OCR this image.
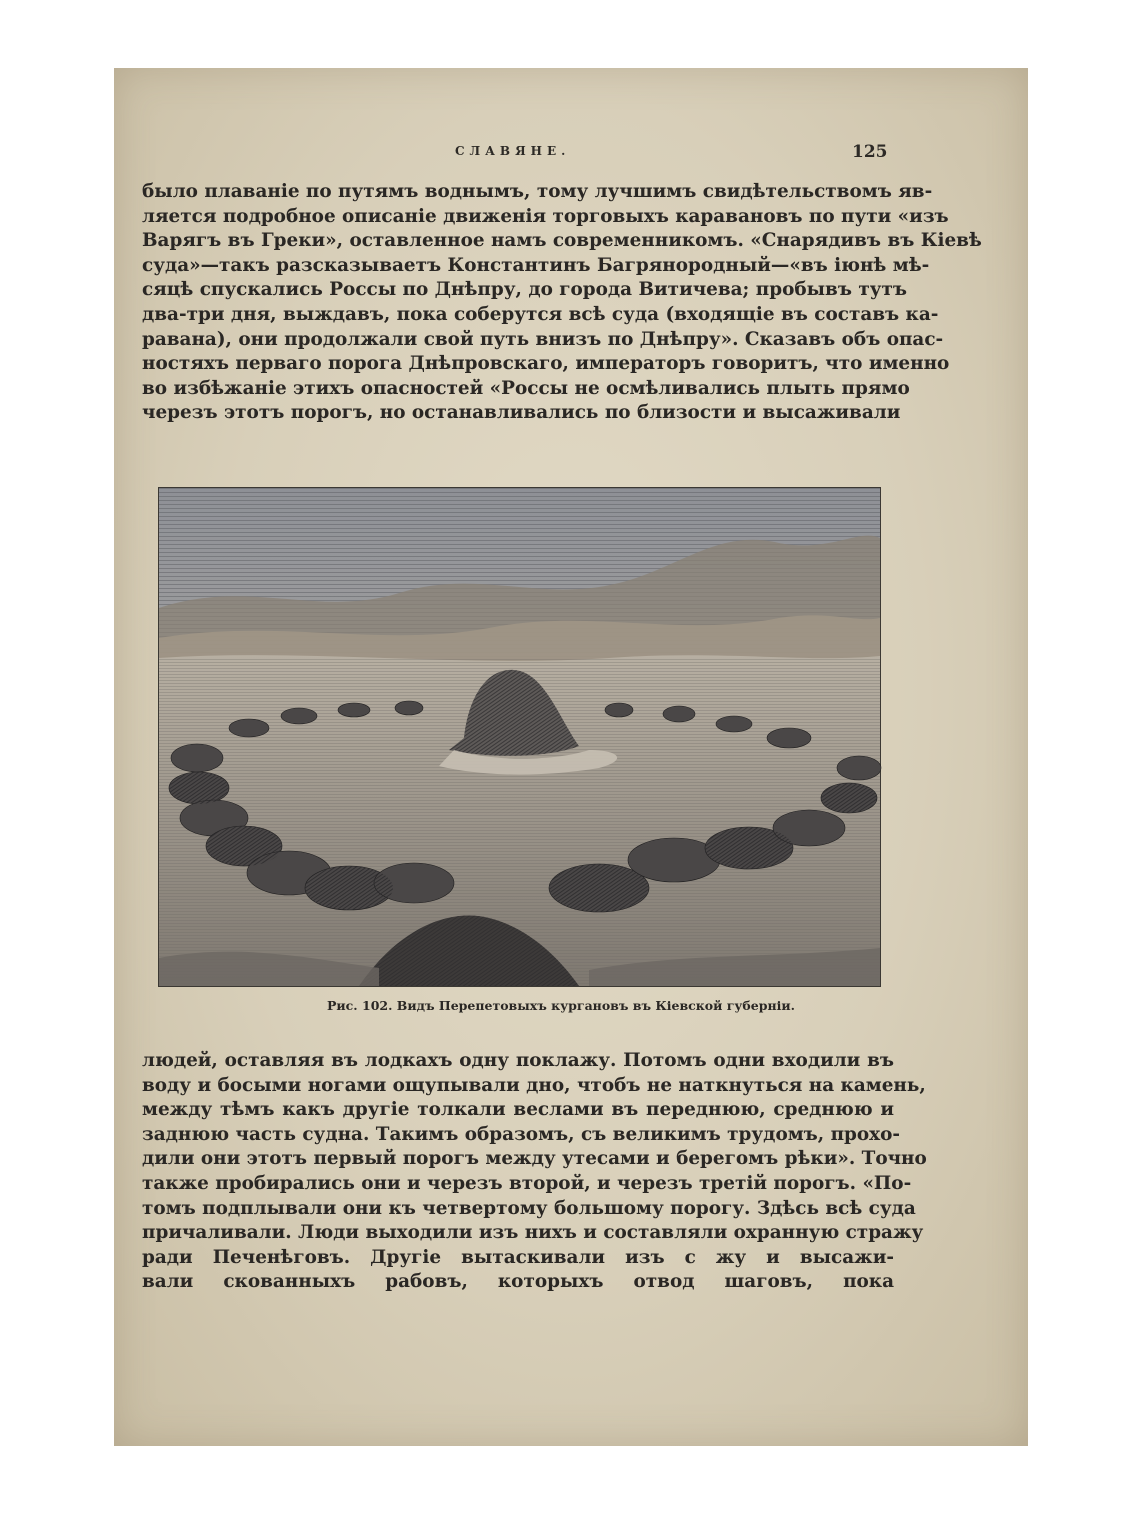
СЛАВЯНЕ.	125
было плаваніе по путямъ воднымъ, тому лучшимъ свидѣтельствомъ яв-
ляется подробное описаніе движенія торговыхъ каравановъ по пути «изъ
Варягъ въ Греки», оставленное намъ современникомъ. «Снарядивъ въ Кіевѣ
суда»—такъ разсказываетъ Константинъ Багрянородный—«въ іюнѣ мѣ-
сяцѣ спускались Россы по Днѣпру, до города Витичева; пробывъ тутъ
два-три дня, выждавъ, пока соберутся всѣ суда (входящіе въ составъ ка-
равана), они продолжали свой путь внизъ по Днѣпру». Сказавъ объ опас-
ностяхъ перваго порога Днѣпровскаго, императоръ говоритъ, что именно
во избѣжаніе этихъ опасностей «Россы не осмѣливались плыть прямо
черезъ этотъ порогъ, но останавливались по близости и высаживали
Рис. 102. Видъ Перепетовыхъ кургановъ въ Кіевской губерніи.
людей, оставляя въ лодкахъ одну поклажу. Потомъ одни входили въ
воду и босыми ногами ощупывали дно, чтобъ не наткнуться на камень,
между тѣмъ какъ другіе толкали веслами въ переднюю, среднюю и
заднюю часть судна. Такимъ образомъ, съ великимъ трудомъ, прохо-
дили они этотъ первый порогъ между утесами и берегомъ рѣки». Точно
также пробирались они и черезъ второй, и черезъ третій порогъ. «По-
томъ подплывали они къ четвертому большому порогу. Здѣсь всѣ суда
причаливали. Люди выходили изъ нихъ и составляли охранную стражу
ради Печенѣговъ. Другіе вытаскивали изъ с жу и высажи-
вали скованныхъ рабовъ, которыхъ отвод шаговъ, пока
